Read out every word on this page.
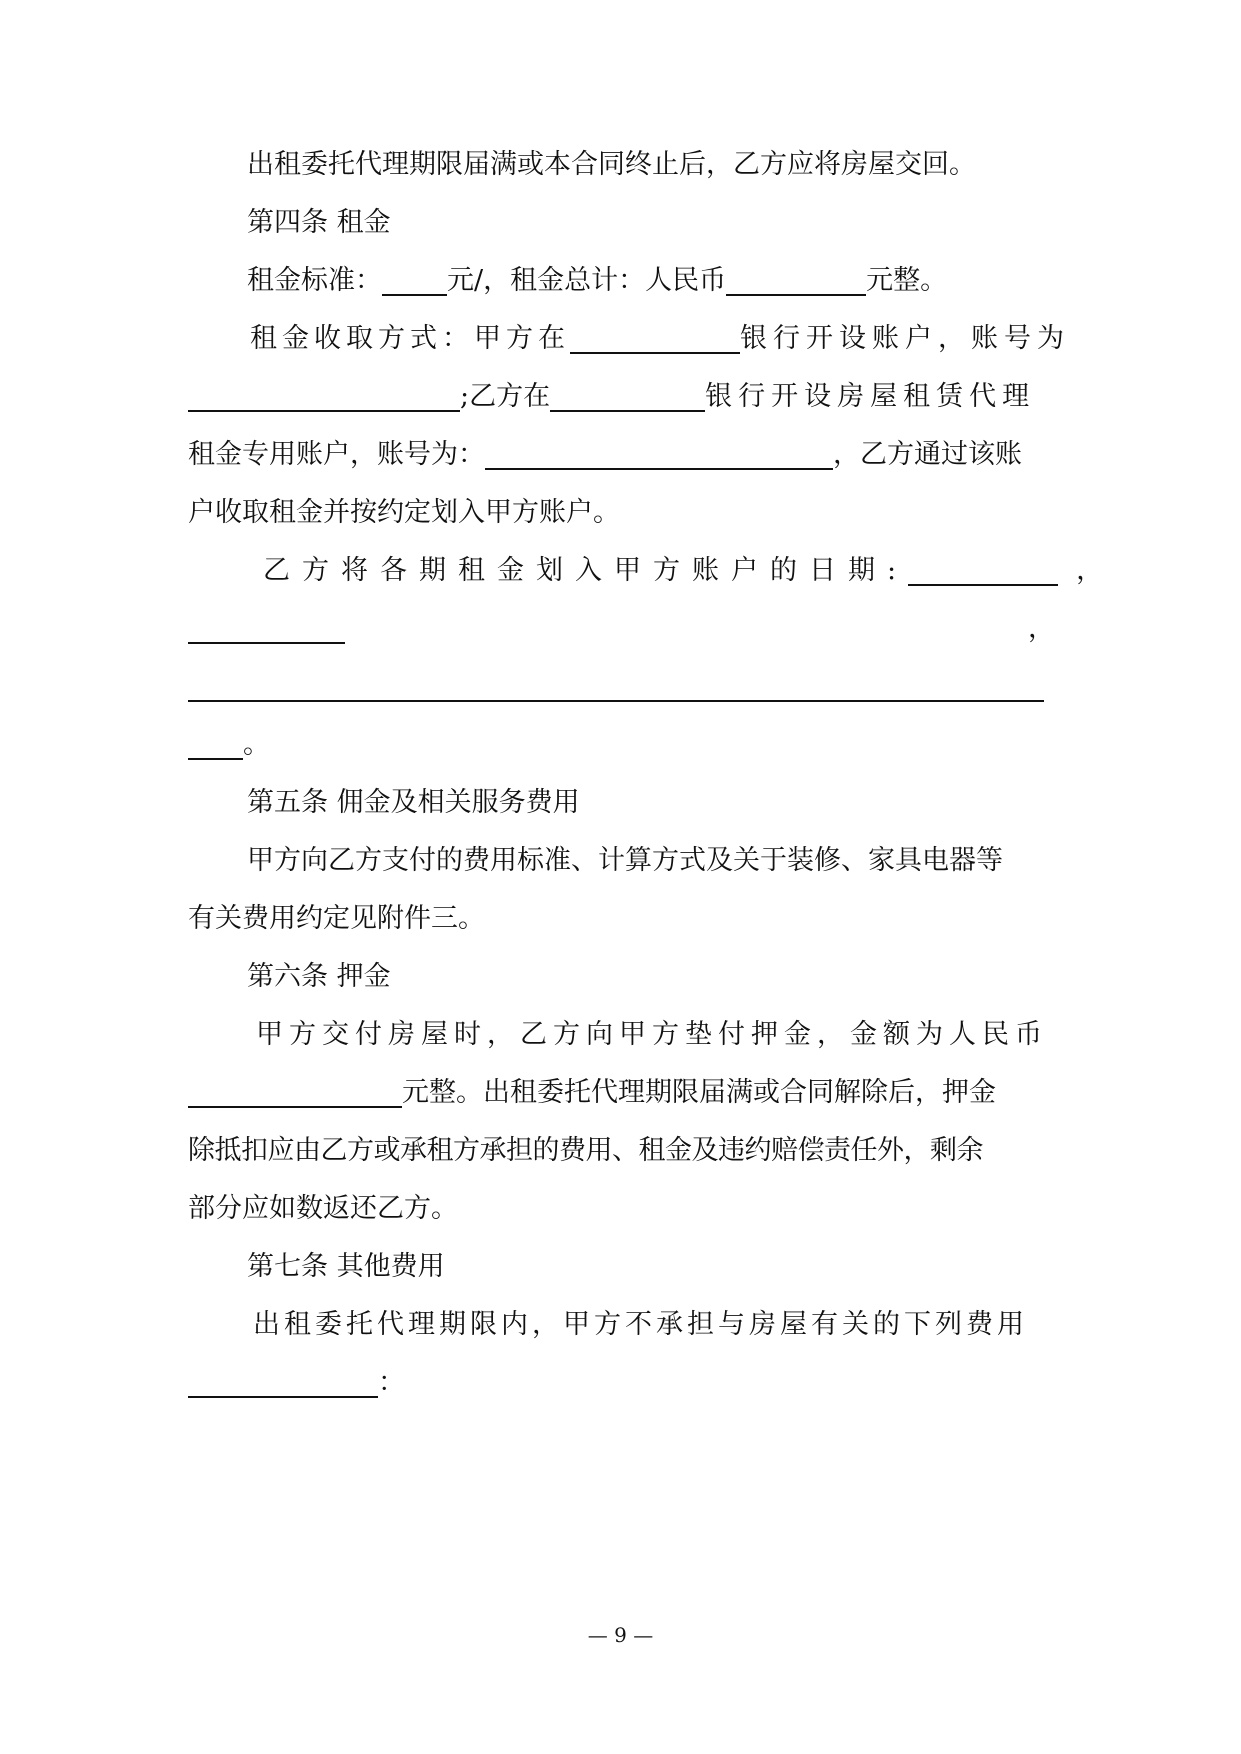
出租委托代理期限届满或本合同终止后，乙方应将房屋交回。
第四条 租金
租金标准： 元/，租金总计：人民币	元整。
租金收取方式：甲方在	银行开设账户，账号为
;乙方在	银行开设房屋租赁代理
租金专用账户，账号为：	，乙方通过该账
户收取租金并按约定划入甲方账户。
乙方将各期租金划入甲方账户的日期:	，
，
。
第五条 佣金及相关服务费用
甲方向乙方支付的费用标准、计算方式及关于装修、家具电器等
有关费用约定见附件三。
第六条 押金
甲方交付房屋时，乙方向甲方垫付押金，金额为人民币
元整。出租委托代理期限届满或合同解除后，押金
除抵扣应由乙方或承租方承担的费用、租金及违约赔偿责任外，剩余
部分应如数返还乙方。
第七条 其他费用
出租委托代理期限内，甲方不承担与房屋有关的下列费用
：
— 9 —
